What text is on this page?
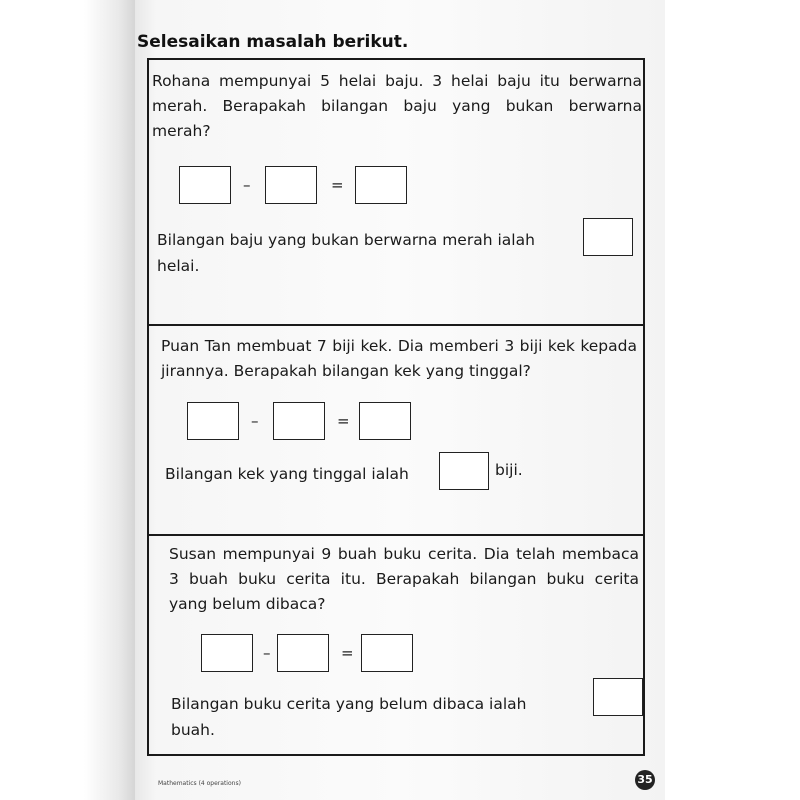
Selesaikan masalah berikut.

Rohana mempunyai 5 helai baju. 3 helai baju itu berwarna merah. Berapakah bilangan baju yang bukan berwarna merah?

–	=

Bilangan baju yang bukan berwarna merah ialah

helai.

Puan Tan membuat 7 biji kek. Dia memberi 3 biji kek kepada jirannya. Berapakah bilangan kek yang tinggal?

–	=

Bilangan kek yang tinggal ialah	biji.

Susan mempunyai 9 buah buku cerita. Dia telah membaca 3 buah buku cerita itu. Berapakah bilangan buku cerita yang belum dibaca?

–	=

Bilangan buku cerita yang belum dibaca ialah

buah.

Mathematics (4 operations)	35
